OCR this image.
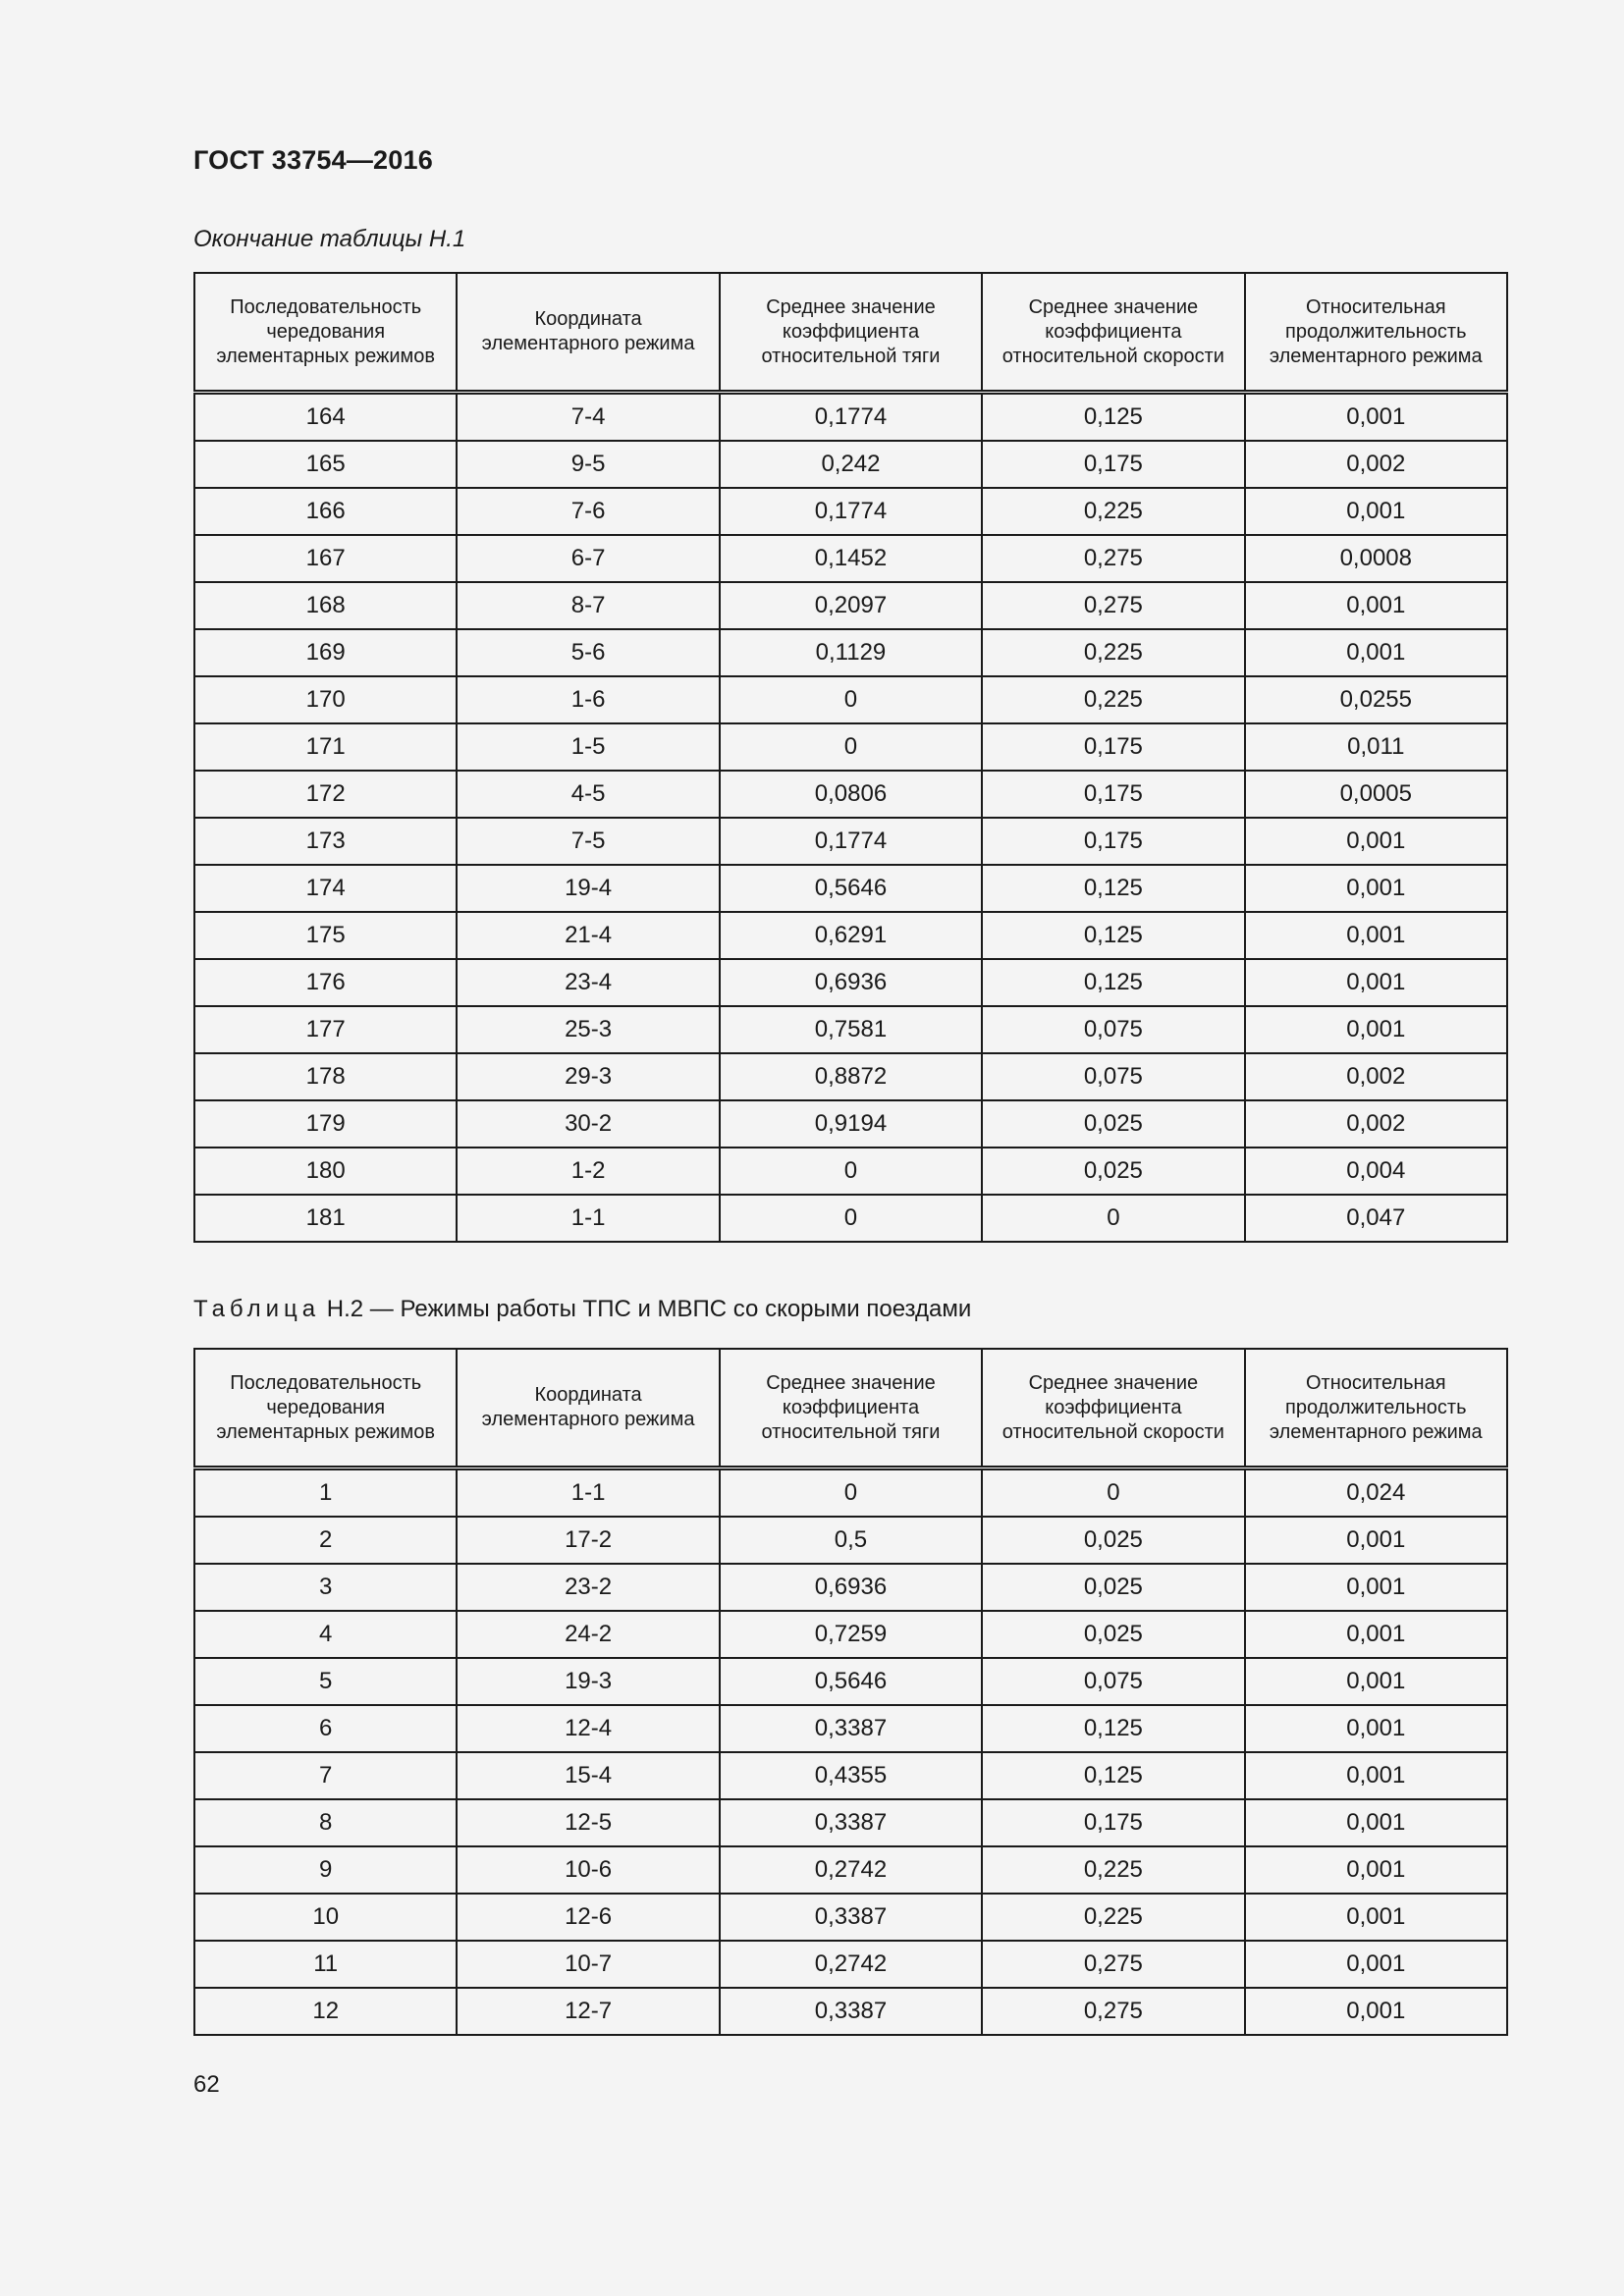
ГОСТ 33754—2016
Окончание таблицы Н.1
Последовательность чередования элементарных режимов	Координата элементарного режима	Среднее значение коэффициента относительной тяги	Среднее значение коэффициента относительной скорости	Относительная продолжительность элементарного режима
164	7-4	0,1774	0,125	0,001
165	9-5	0,242	0,175	0,002
166	7-6	0,1774	0,225	0,001
167	6-7	0,1452	0,275	0,0008
168	8-7	0,2097	0,275	0,001
169	5-6	0,1129	0,225	0,001
170	1-6	0	0,225	0,0255
171	1-5	0	0,175	0,011
172	4-5	0,0806	0,175	0,0005
173	7-5	0,1774	0,175	0,001
174	19-4	0,5646	0,125	0,001
175	21-4	0,6291	0,125	0,001
176	23-4	0,6936	0,125	0,001
177	25-3	0,7581	0,075	0,001
178	29-3	0,8872	0,075	0,002
179	30-2	0,9194	0,025	0,002
180	1-2	0	0,025	0,004
181	1-1	0	0	0,047
Таблица Н.2 — Режимы работы ТПС и МВПС со скорыми поездами
Последовательность чередования элементарных режимов	Координата элементарного режима	Среднее значение коэффициента относительной тяги	Среднее значение коэффициента относительной скорости	Относительная продолжительность элементарного режима
1	1-1	0	0	0,024
2	17-2	0,5	0,025	0,001
3	23-2	0,6936	0,025	0,001
4	24-2	0,7259	0,025	0,001
5	19-3	0,5646	0,075	0,001
6	12-4	0,3387	0,125	0,001
7	15-4	0,4355	0,125	0,001
8	12-5	0,3387	0,175	0,001
9	10-6	0,2742	0,225	0,001
10	12-6	0,3387	0,225	0,001
11	10-7	0,2742	0,275	0,001
12	12-7	0,3387	0,275	0,001
62
